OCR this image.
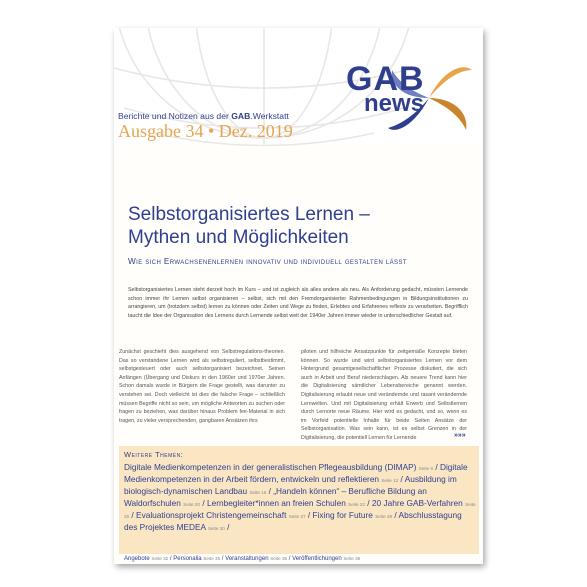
GAB
news
Berichte und Notizen aus der GAB.Werkstatt
Ausgabe 34 • Dez. 2019
Selbstorganisiertes Lernen –
Mythen und Möglichkeiten
Wie sich Erwachsenenlernen innovativ und individuell gestalten lässt
Selbstorganisiertes Lernen steht derzeit hoch im Kurs – und ist zugleich als alles andere als neu. Als Anforderung gedacht, müssten Lernende schon immer ihr Lernen selbst organisieren – selbst, sich mit den Fremdorganisierter Rahmenbedingungen in Bildungsinstitutionen zu arrangieren, um (trotzdem selbst) lernen zu können oder Zeiten und Wege zu finden, Erlebtes und Erfahrenes reflexiv zu verarbeiten. Begrifflich taucht die Idee der Organisation des Lernens durch Lernende selbst weit der 1940er Jahren immer wieder in unterschiedlicher Gestalt auf.
Zunächst geschieht dies ausgehend von Selbstregulations-theorien. Das so verstandene Lernen wird als selbstreguliert, selbstbestimmt, selbstgesteuert oder auch selbstorganisiert bezeichnet. Seinen Anfängen (Übergang und Diskurs in den 1960er und 1970er Jahren. Schon damals wurde in Bürgern die Frage gestellt, was darunter zu verstehen sei. Doch vielleicht ist dies die falsche Frage – schließlich müssen Begriffe nicht so sein, um mögliche Antworten zu suchen oder fragen zu beziehen, was darüber hinaus Problem fee-Material in sich tragen, zu vieler versprechenden, gangbaren Ansätzen ihrs
piloten und hilfreiche Ansatzpunkte für zeitgemäße Konzepte bieten können. So wurde und wird selbstorganisiertes Lernen vor dem Hintergrund gesamtgesellschaftlicher Prozesse diskutiert, die sich auch in Arbeit und Beruf niederschlagen. Als neuere Trend kann hier die Digitalisierung sämtlicher Lebensbereiche genannt werden. Digitalisierung erlaubt neue und verändernde und rasant verändernde Lernwelten. Und mit Digitalisierung erhält Erwerb und Selbstlernen durch Lernorte neue Räume. Hier wird es gedacht, und so, wenn es im Vorfeld potentielle Inhalte für beide Seiten Ansätze der Selbstorganisation. Was sein kann, ist es selbst Grenzen in der Digitalisierung, die potentiell Lernen für Lernende	»»»
Weitere Themen:
Digitale Medienkompetenzen in der generalistischen Pflegeausbildung (DIMAP) Seite 6 / Digitale Medienkompetenzen in der Arbeit fördern, entwickeln und reflektieren Seite 12 / Ausbildung im biologisch-dynamischen Landbau Seite 16 / „Handeln können“ – Berufliche Bildung an Waldorfschulen Seite 20 / Lernbegleiter*innen an freien Schulen Seite 22 / 20 Jahre GAB-Verfahren Seite 26 / Evaluationsprojekt Christengemeinschaft Seite 27 / Fixing for Future Seite 28 / Abschlusstagung des Projektes MEDEA Seite 30 /
Angebote Seite 32 / Personalia Seite 35 / Veranstaltungen Seite 35 / Veröffentlichungen Seite 36
